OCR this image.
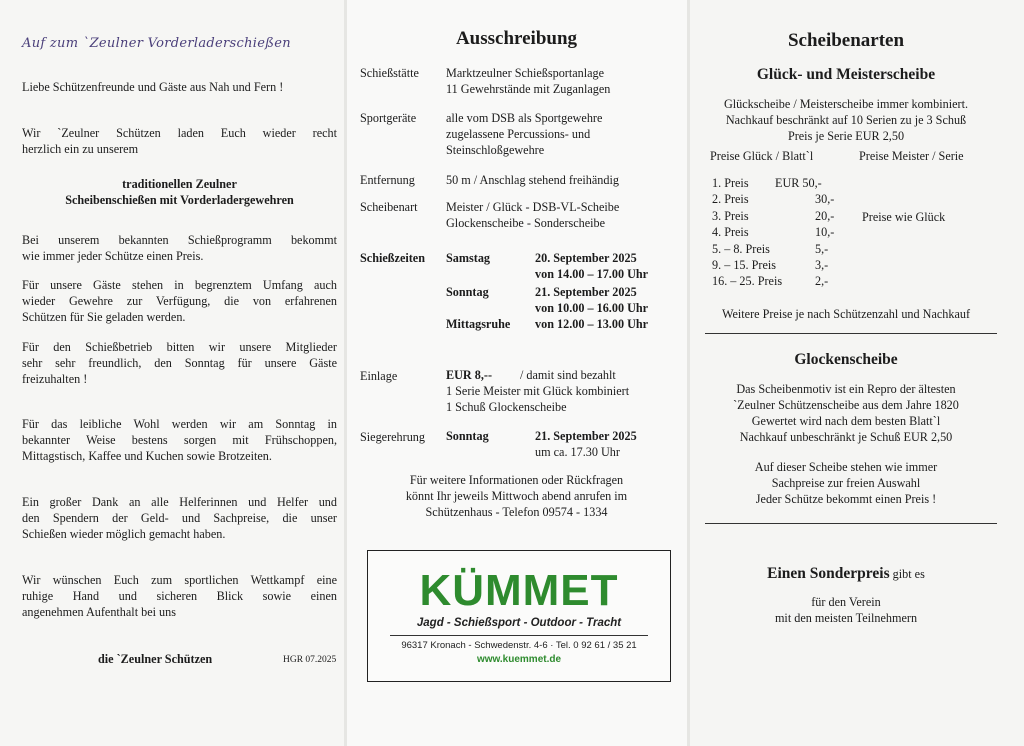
Auf zum `Zeulner Vorderladerschießen
Liebe Schützenfreunde und Gäste aus Nah und Fern !
Wir `Zeulner Schützen laden Euch wieder recht
herzlich ein zu unserem
traditionellen Zeulner
Scheibenschießen mit Vorderladergewehren
Bei unserem bekannten Schießprogramm bekommt
wie immer jeder Schütze einen Preis.
Für unsere Gäste stehen in begrenztem Umfang auch
wieder Gewehre zur Verfügung, die von erfahrenen
Schützen für Sie geladen werden.
Für den Schießbetrieb bitten wir unsere Mitglieder
sehr sehr freundlich, den Sonntag für unsere Gäste
freizuhalten !
Für das leibliche Wohl werden wir am Sonntag in
bekannter Weise bestens sorgen mit Frühschoppen,
Mittagstisch, Kaffee und Kuchen sowie Brotzeiten.
Ein großer Dank an alle Helferinnen und Helfer und
den Spendern der Geld- und Sachpreise, die unser
Schießen wieder möglich gemacht haben.
Wir wünschen Euch zum sportlichen Wettkampf eine
ruhige Hand und sicheren Blick sowie einen
angenehmen Aufenthalt bei uns
die `Zeulner Schützen	HGR 07.2025
Ausschreibung
Schießstätte Marktzeulner Schießsportanlage
11 Gewehrstände mit Zuganlagen
Sportgeräte alle vom DSB als Sportgewehre
zugelassene Percussions- und
Steinschloßgewehre
Entfernung	50 m / Anschlag stehend freihändig
Scheibenart Meister / Glück - DSB-VL-Scheibe
Glockenscheibe - Sonderscheibe
Schießzeiten Samstag	20. September 2025
von 14.00 – 17.00 Uhr
Sonntag	21. September 2025
von 10.00 – 16.00 Uhr
Mittagsruhe von 12.00 – 13.00 Uhr
Einlage	EUR 8,-- / damit sind bezahlt
1 Serie Meister mit Glück kombiniert
1 Schuß Glockenscheibe
Siegerehrung Sonntag	21. September 2025
um ca. 17.30 Uhr
Für weitere Informationen oder Rückfragen
könnt Ihr jeweils Mittwoch abend anrufen im
Schützenhaus - Telefon 09574 - 1334
KÜMMET
Jagd - Schießsport - Outdoor - Tracht
96317 Kronach - Schwedenstr. 4-6 · Tel. 0 92 61 / 35 21
www.kuemmet.de
Scheibenarten
Glück- und Meisterscheibe
Glückscheibe / Meisterscheibe immer kombiniert.
Nachkauf beschränkt auf 10 Serien zu je 3 Schuß
Preis je Serie EUR 2,50
Preise Glück / Blatt`l	Preise Meister / Serie
1. Preis EUR 50,-
2. Preis	30,-
3. Preis	20,-
4. Preis	10,-
5. – 8. Preis	5,-
9. – 15. Preis	3,-
16. – 25. Preis	2,-
Preise wie Glück
Weitere Preise je nach Schützenzahl und Nachkauf
Glockenscheibe
Das Scheibenmotiv ist ein Repro der ältesten
`Zeulner Schützenscheibe aus dem Jahre 1820
Gewertet wird nach dem besten Blatt`l
Nachkauf unbeschränkt je Schuß EUR 2,50
Auf dieser Scheibe stehen wie immer
Sachpreise zur freien Auswahl
Jeder Schütze bekommt einen Preis !
Einen Sonderpreis gibt es
für den Verein
mit den meisten Teilnehmern
